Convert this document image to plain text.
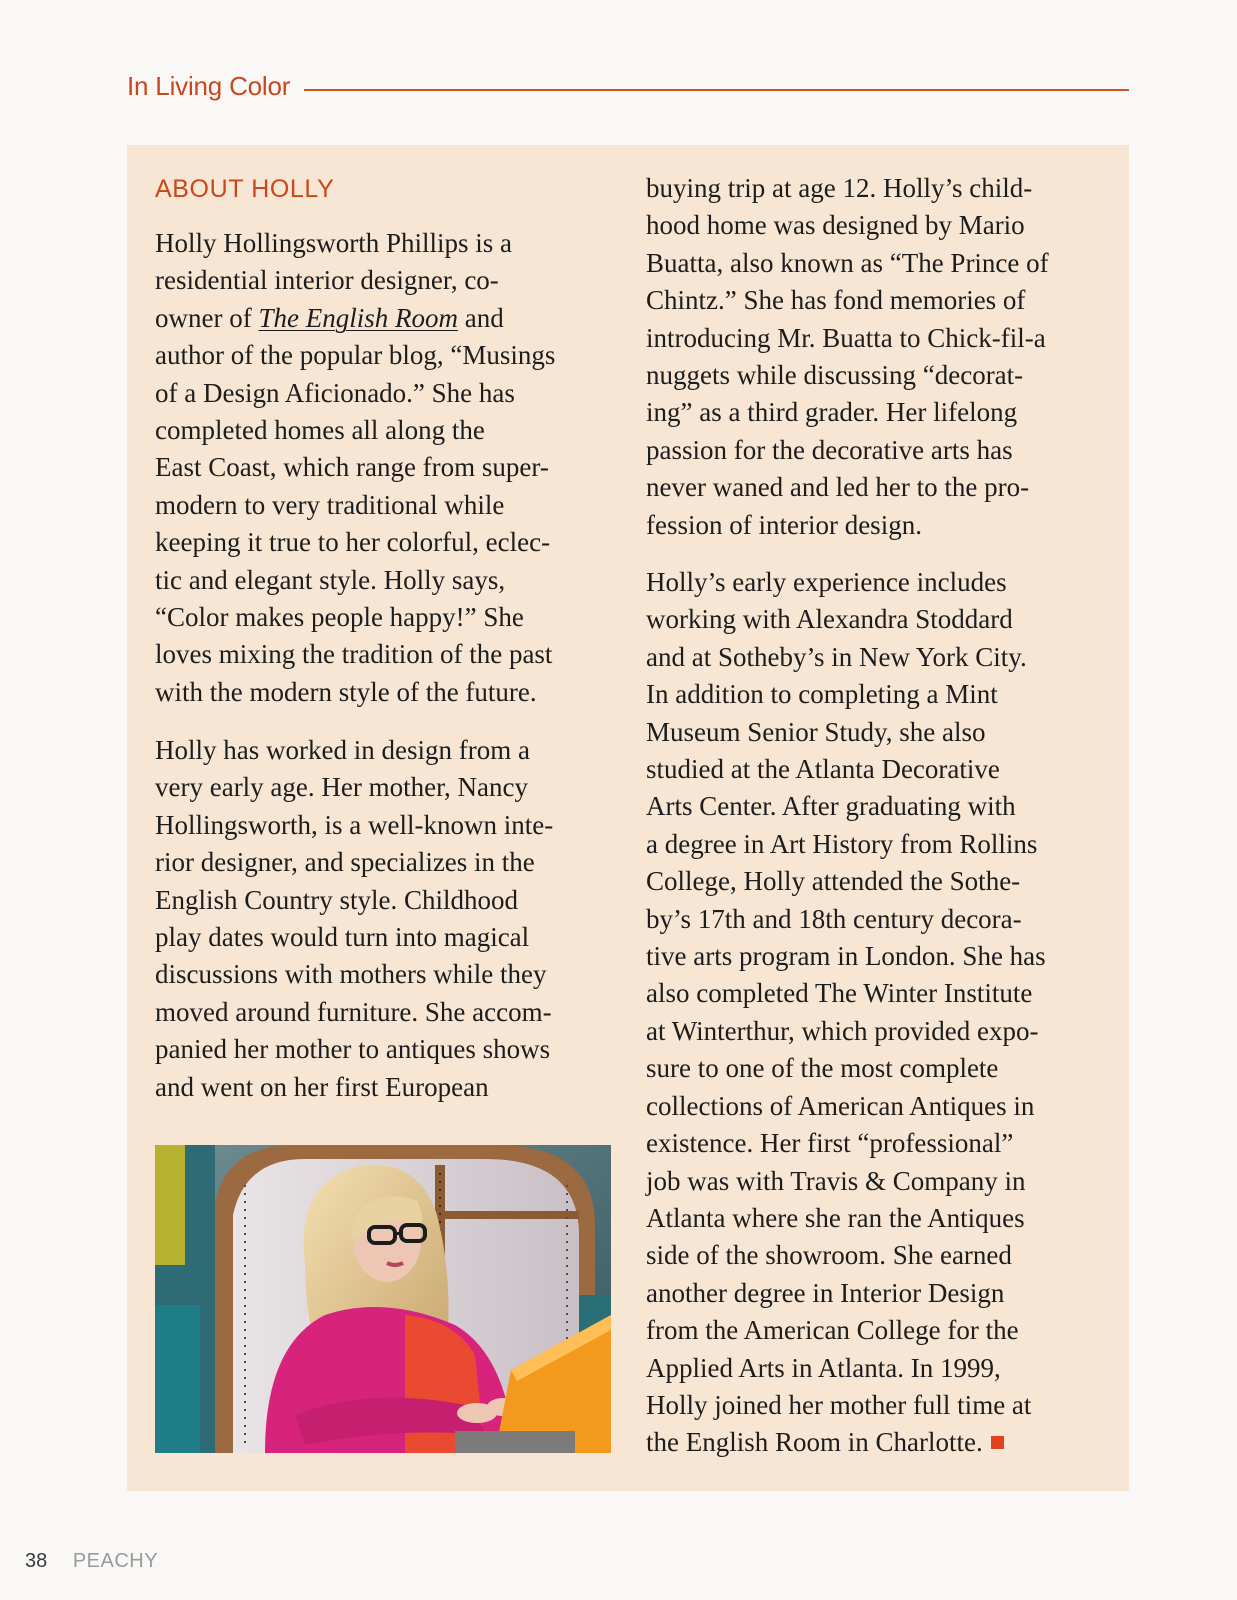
In Living Color
ABOUT HOLLY

Holly Hollingsworth Phillips is a
residential interior designer, co-
owner of The English Room and
author of the popular blog, “Musings
of a Design Aficionado.” She has
completed homes all along the
East Coast, which range from super-
modern to very traditional while
keeping it true to her colorful, eclec-
tic and elegant style. Holly says,
“Color makes people happy!” She
loves mixing the tradition of the past
with the modern style of the future.

Holly has worked in design from a
very early age. Her mother, Nancy
Hollingsworth, is a well-known inte-
rior designer, and specializes in the
English Country style. Childhood
play dates would turn into magical
discussions with mothers while they
moved around furniture. She accom-
panied her mother to antiques shows
and went on her first European

buying trip at age 12. Holly’s child-
hood home was designed by Mario
Buatta, also known as “The Prince of
Chintz.” She has fond memories of
introducing Mr. Buatta to Chick-fil-a
nuggets while discussing “decorat-
ing” as a third grader. Her lifelong
passion for the decorative arts has
never waned and led her to the pro-
fession of interior design.

Holly’s early experience includes
working with Alexandra Stoddard
and at Sotheby’s in New York City.
In addition to completing a Mint
Museum Senior Study, she also
studied at the Atlanta Decorative
Arts Center. After graduating with
a degree in Art History from Rollins
College, Holly attended the Sothe-
by’s 17th and 18th century decora-
tive arts program in London. She has
also completed The Winter Institute
at Winterthur, which provided expo-
sure to one of the most complete
collections of American Antiques in
existence. Her first “professional”
job was with Travis & Company in
Atlanta where she ran the Antiques
side of the showroom. She earned
another degree in Interior Design
from the American College for the
Applied Arts in Atlanta. In 1999,
Holly joined her mother full time at
the English Room in Charlotte.

38 PEACHY
